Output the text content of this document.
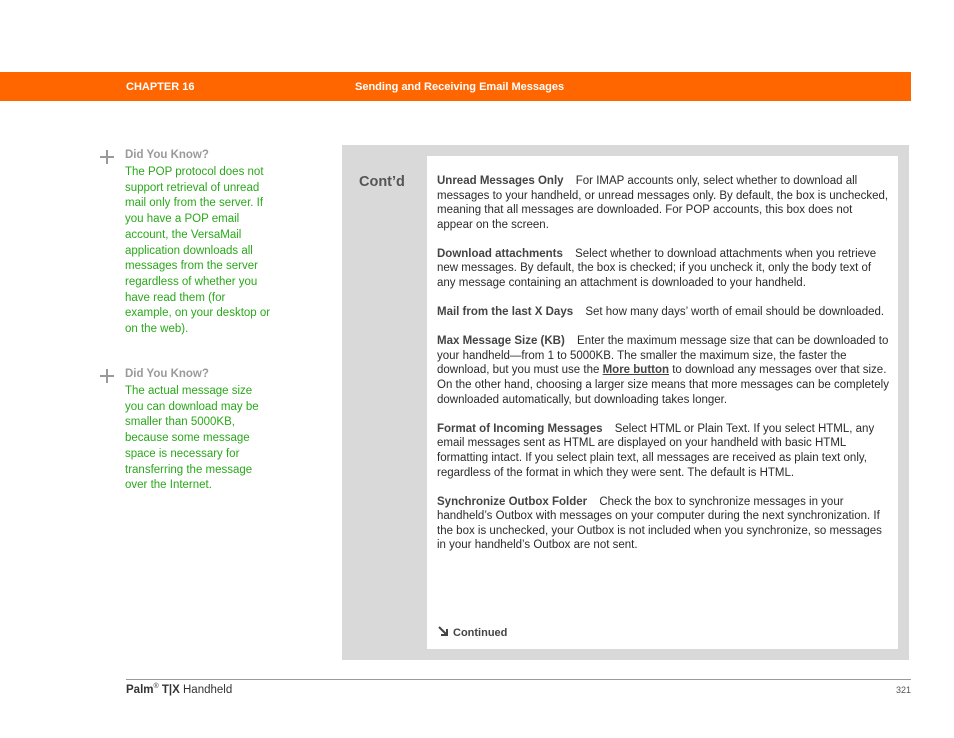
CHAPTER 16	Sending and Receiving Email Messages
Did You Know?
The POP protocol does not support retrieval of unread mail only from the server. If you have a POP email account, the VersaMail application downloads all messages from the server regardless of whether you have read them (for example, on your desktop or on the web).
Did You Know?
The actual message size you can download may be smaller than 5000KB, because some message space is necessary for transferring the message over the Internet.
Cont’d	Unread Messages Only For IMAP accounts only, select whether to download all messages to your handheld, or unread messages only. By default, the box is unchecked, meaning that all messages are downloaded. For POP accounts, this box does not appear on the screen.

Download attachments Select whether to download attachments when you retrieve new messages. By default, the box is checked; if you uncheck it, only the body text of any message containing an attachment is downloaded to your handheld.

Mail from the last X Days Set how many days’ worth of email should be downloaded.

Max Message Size (KB) Enter the maximum message size that can be downloaded to your handheld—from 1 to 5000KB. The smaller the maximum size, the faster the download, but you must use the More button to download any messages over that size. On the other hand, choosing a larger size means that more messages can be completely downloaded automatically, but downloading takes longer.

Format of Incoming Messages Select HTML or Plain Text. If you select HTML, any email messages sent as HTML are displayed on your handheld with basic HTML formatting intact. If you select plain text, all messages are received as plain text only, regardless of the format in which they were sent. The default is HTML.

Synchronize Outbox Folder Check the box to synchronize messages in your handheld’s Outbox with messages on your computer during the next synchronization. If the box is unchecked, your Outbox is not included when you synchronize, so messages in your handheld’s Outbox are not sent.

Continued
Palm® T|X Handheld	321
